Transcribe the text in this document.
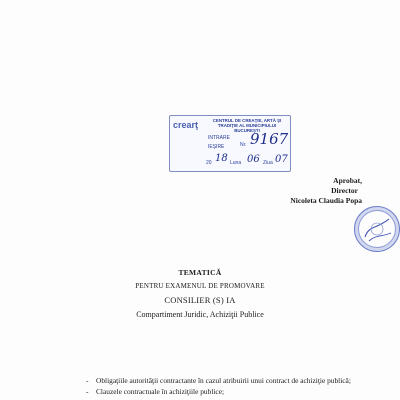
crearţ	CENTRUL DE CREAŢIE, ARTĂ ŞI TRADIŢIE AL MUNICIPIULUI BUCUREŞTI
INTRARE
IEŞIRE	Nr. 9167
20 18 Luna 06 Ziua 07
Aprobat,
Director
Nicoleta Claudia Popa
TEMATICĂ
PENTRU EXAMENUL DE PROMOVARE
CONSILIER (S) IA
Compartiment Juridic, Achiziţii Publice
-	Obligaţiile autorităţii contractante în cazul atribuirii unui contract de achiziţie publică;
-	Clauzele contractuale în achiziţiile publice;
